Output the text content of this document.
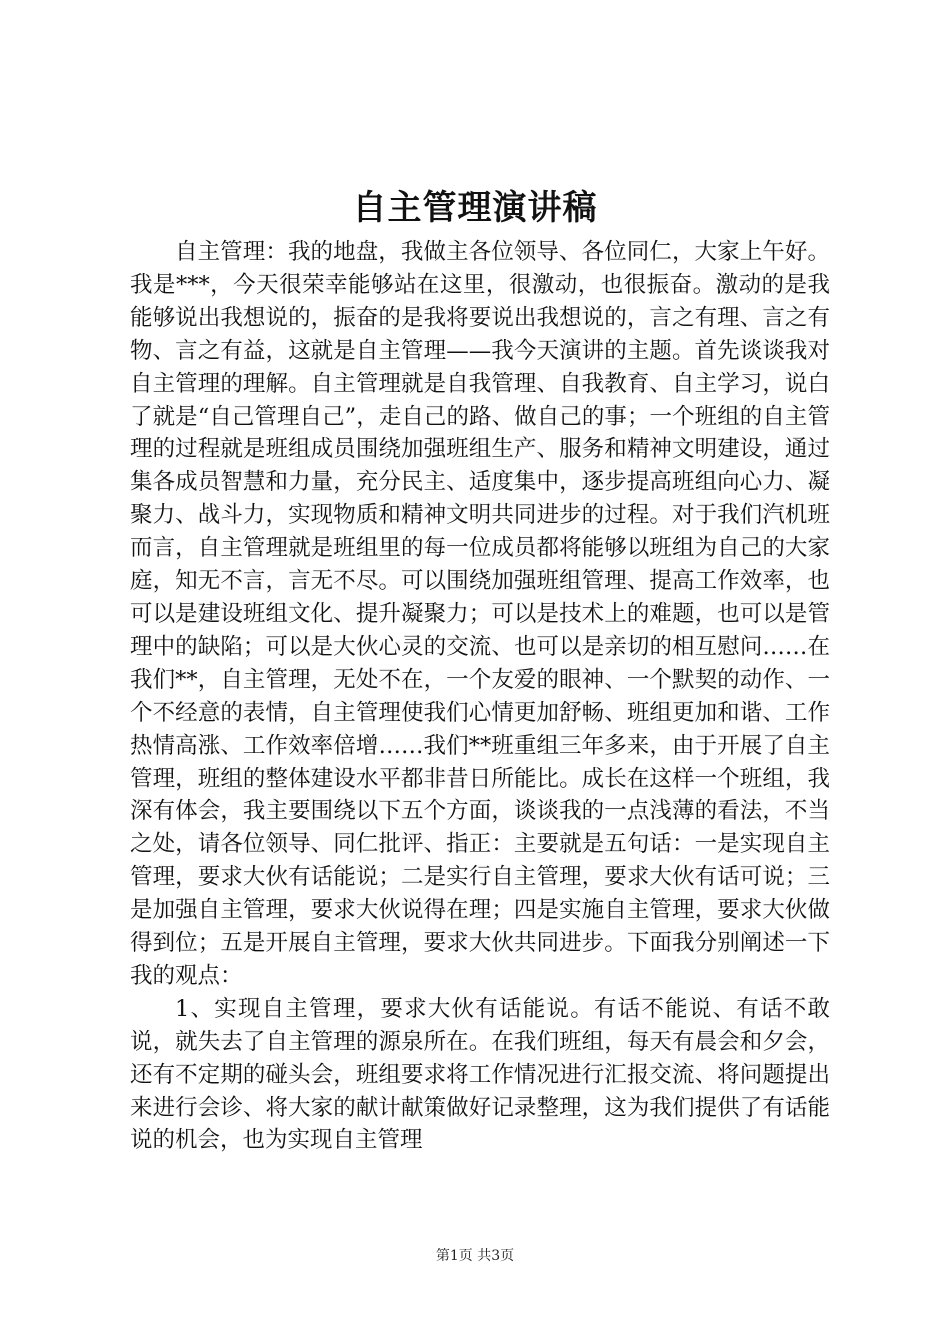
自主管理演讲稿

自主管理：我的地盘，我做主各位领导、各位同仁，大家上午好。我是***，今天很荣幸能够站在这里，很激动，也很振奋。激动的是我能够说出我想说的，振奋的是我将要说出我想说的，言之有理、言之有物、言之有益，这就是自主管理——我今天演讲的主题。首先谈谈我对自主管理的理解。自主管理就是自我管理、自我教育、自主学习，说白了就是“自己管理自己”，走自己的路、做自己的事；一个班组的自主管理的过程就是班组成员围绕加强班组生产、服务和精神文明建设，通过集各成员智慧和力量，充分民主、适度集中，逐步提高班组向心力、凝聚力、战斗力，实现物质和精神文明共同进步的过程。对于我们汽机班而言，自主管理就是班组里的每一位成员都将能够以班组为自己的大家庭，知无不言，言无不尽。可以围绕加强班组管理、提高工作效率，也可以是建设班组文化、提升凝聚力；可以是技术上的难题，也可以是管理中的缺陷；可以是大伙心灵的交流、也可以是亲切的相互慰问……在我们**，自主管理，无处不在，一个友爱的眼神、一个默契的动作、一个不经意的表情，自主管理使我们心情更加舒畅、班组更加和谐、工作热情高涨、工作效率倍增……我们**班重组三年多来，由于开展了自主管理，班组的整体建设水平都非昔日所能比。成长在这样一个班组，我深有体会，我主要围绕以下五个方面，谈谈我的一点浅薄的看法，不当之处，请各位领导、同仁批评、指正：主要就是五句话：一是实现自主管理，要求大伙有话能说；二是实行自主管理，要求大伙有话可说；三是加强自主管理，要求大伙说得在理；四是实施自主管理，要求大伙做得到位；五是开展自主管理，要求大伙共同进步。下面我分别阐述一下我的观点：

1、实现自主管理，要求大伙有话能说。有话不能说、有话不敢说，就失去了自主管理的源泉所在。在我们班组，每天有晨会和夕会，还有不定期的碰头会，班组要求将工作情况进行汇报交流、将问题提出来进行会诊、将大家的献计献策做好记录整理，这为我们提供了有话能说的机会，也为实现自主管理

第1页 共3页
